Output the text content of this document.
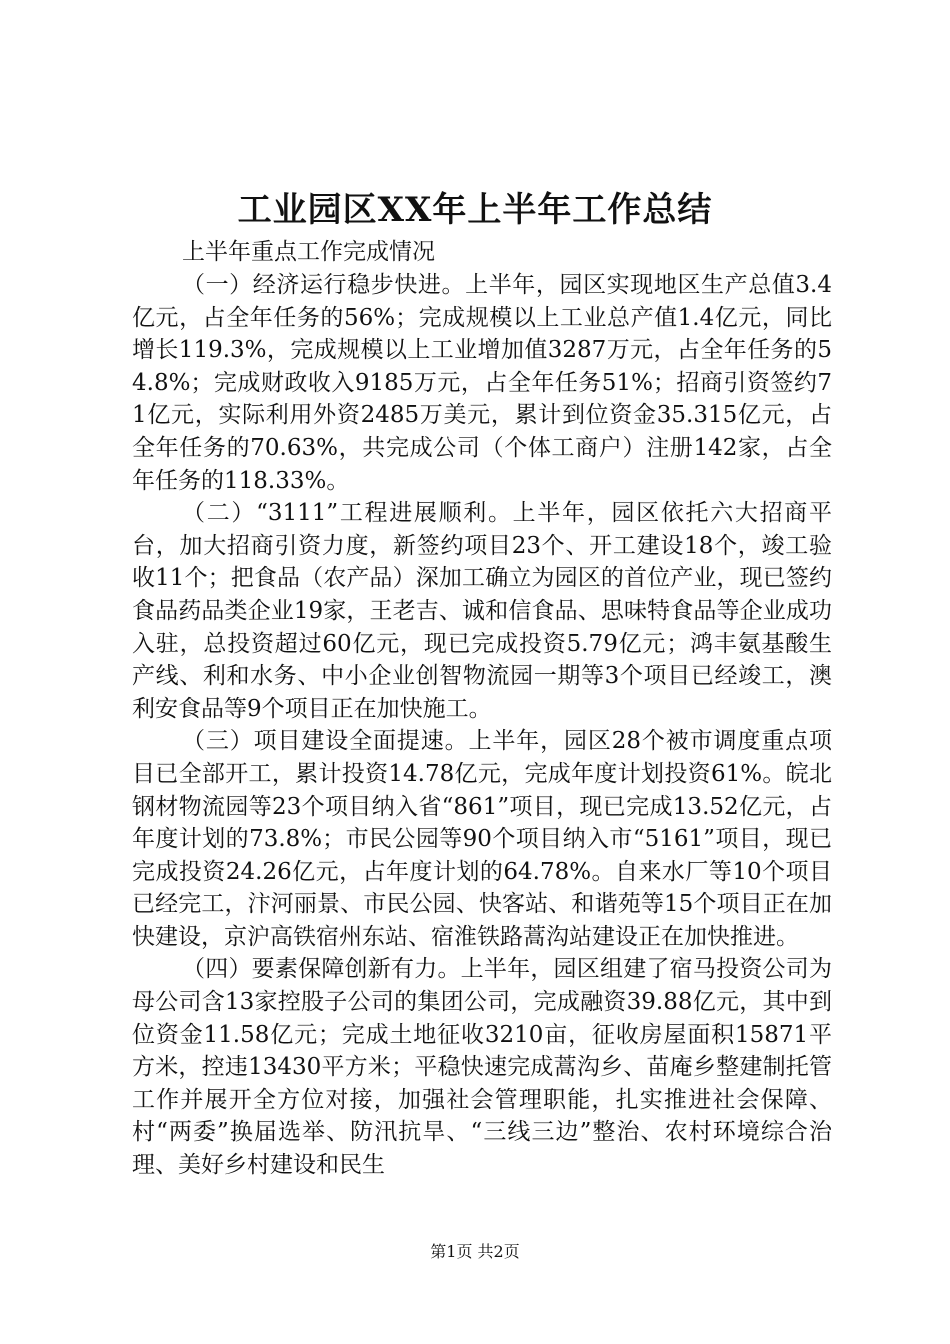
工业园区XX年上半年工作总结

上半年重点工作完成情况

（一）经济运行稳步快进。上半年，园区实现地区生产总值3.4亿元，占全年任务的56%；完成规模以上工业总产值1.4亿元，同比增长119.3%，完成规模以上工业增加值3287万元，占全年任务的54.8%；完成财政收入9185万元，占全年任务51%；招商引资签约71亿元，实际利用外资2485万美元，累计到位资金35.315亿元，占全年任务的70.63%，共完成公司（个体工商户）注册142家，占全年任务的118.33%。

（二）“3111”工程进展顺利。上半年，园区依托六大招商平台，加大招商引资力度，新签约项目23个、开工建设18个，竣工验收11个；把食品（农产品）深加工确立为园区的首位产业，现已签约食品药品类企业19家，王老吉、诚和信食品、思味特食品等企业成功入驻，总投资超过60亿元，现已完成投资5.79亿元；鸿丰氨基酸生产线、利和水务、中小企业创智物流园一期等3个项目已经竣工，澳利安食品等9个项目正在加快施工。

（三）项目建设全面提速。上半年，园区28个被市调度重点项目已全部开工，累计投资14.78亿元，完成年度计划投资61%。皖北钢材物流园等23个项目纳入省“861”项目，现已完成13.52亿元，占年度计划的73.8%；市民公园等90个项目纳入市“5161”项目，现已完成投资24.26亿元，占年度计划的64.78%。自来水厂等10个项目已经完工，汴河丽景、市民公园、快客站、和谐苑等15个项目正在加快建设，京沪高铁宿州东站、宿淮铁路蒿沟站建设正在加快推进。

（四）要素保障创新有力。上半年，园区组建了宿马投资公司为母公司含13家控股子公司的集团公司，完成融资39.88亿元，其中到位资金11.58亿元；完成土地征收3210亩，征收房屋面积15871平方米，控违13430平方米；平稳快速完成蒿沟乡、苗庵乡整建制托管工作并展开全方位对接，加强社会管理职能，扎实推进社会保障、村“两委”换届选举、防汛抗旱、“三线三边”整治、农村环境综合治理、美好乡村建设和民生

第1页 共2页
